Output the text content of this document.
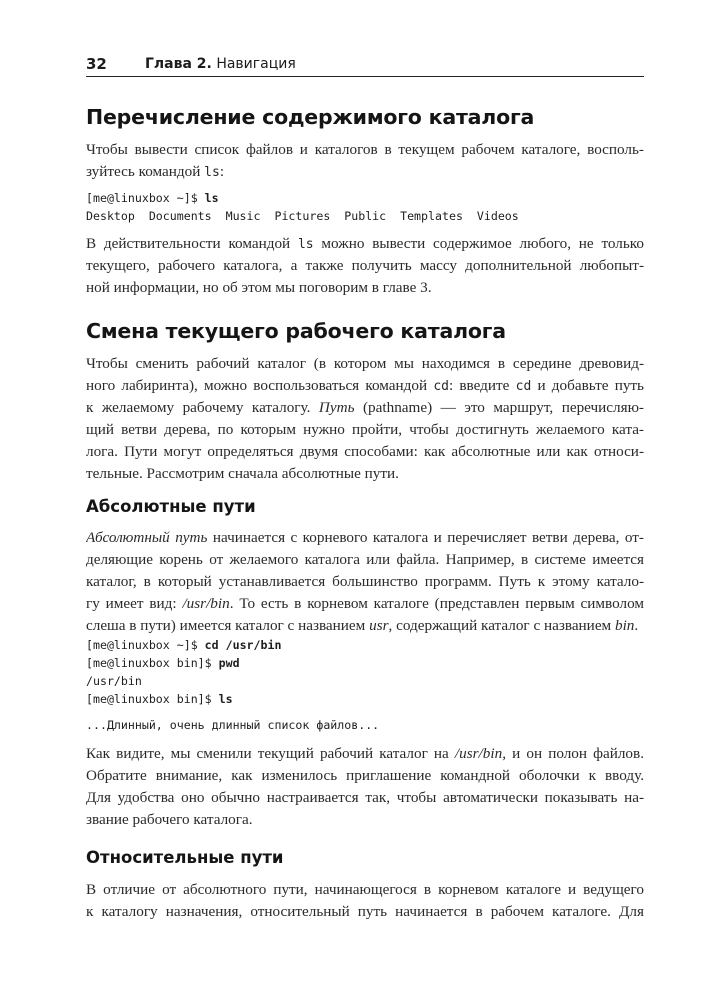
32	Глава 2. Навигация
Перечисление содержимого каталога
Чтобы вывести список файлов и каталогов в текущем рабочем каталоге, восполь-
зуйтесь командой ls:
[me@linuxbox ~]$ ls
Desktop  Documents  Music  Pictures  Public  Templates  Videos
В действительности командой ls можно вывести содержимое любого, не только
текущего, рабочего каталога, а также получить массу дополнительной любопыт-
ной информации, но об этом мы поговорим в главе 3.
Смена текущего рабочего каталога
Чтобы сменить рабочий каталог (в котором мы находимся в середине древовид-
ного лабиринта), можно воспользоваться командой cd: введите cd и добавьте путь
к желаемому рабочему каталогу. Путь (pathname) — это маршрут, перечисляю-
щий ветви дерева, по которым нужно пройти, чтобы достигнуть желаемого ката-
лога. Пути могут определяться двумя способами: как абсолютные или как относи-
тельные. Рассмотрим сначала абсолютные пути.
Абсолютные пути
Абсолютный путь начинается с корневого каталога и перечисляет ветви дерева, от-
деляющие корень от желаемого каталога или файла. Например, в системе имеется
каталог, в который устанавливается большинство программ. Путь к этому катало-
гу имеет вид: /usr/bin. То есть в корневом каталоге (представлен первым символом
слеша в пути) имеется каталог с названием usr, содержащий каталог с названием bin.
[me@linuxbox ~]$ cd /usr/bin
[me@linuxbox bin]$ pwd
/usr/bin
[me@linuxbox bin]$ ls
...Длинный, очень длинный список файлов...
Как видите, мы сменили текущий рабочий каталог на /usr/bin, и он полон файлов.
Обратите внимание, как изменилось приглашение командной оболочки к вводу.
Для удобства оно обычно настраивается так, чтобы автоматически показывать на-
звание рабочего каталога.
Относительные пути
В отличие от абсолютного пути, начинающегося в корневом каталоге и ведущего
к каталогу назначения, относительный путь начинается в рабочем каталоге. Для
